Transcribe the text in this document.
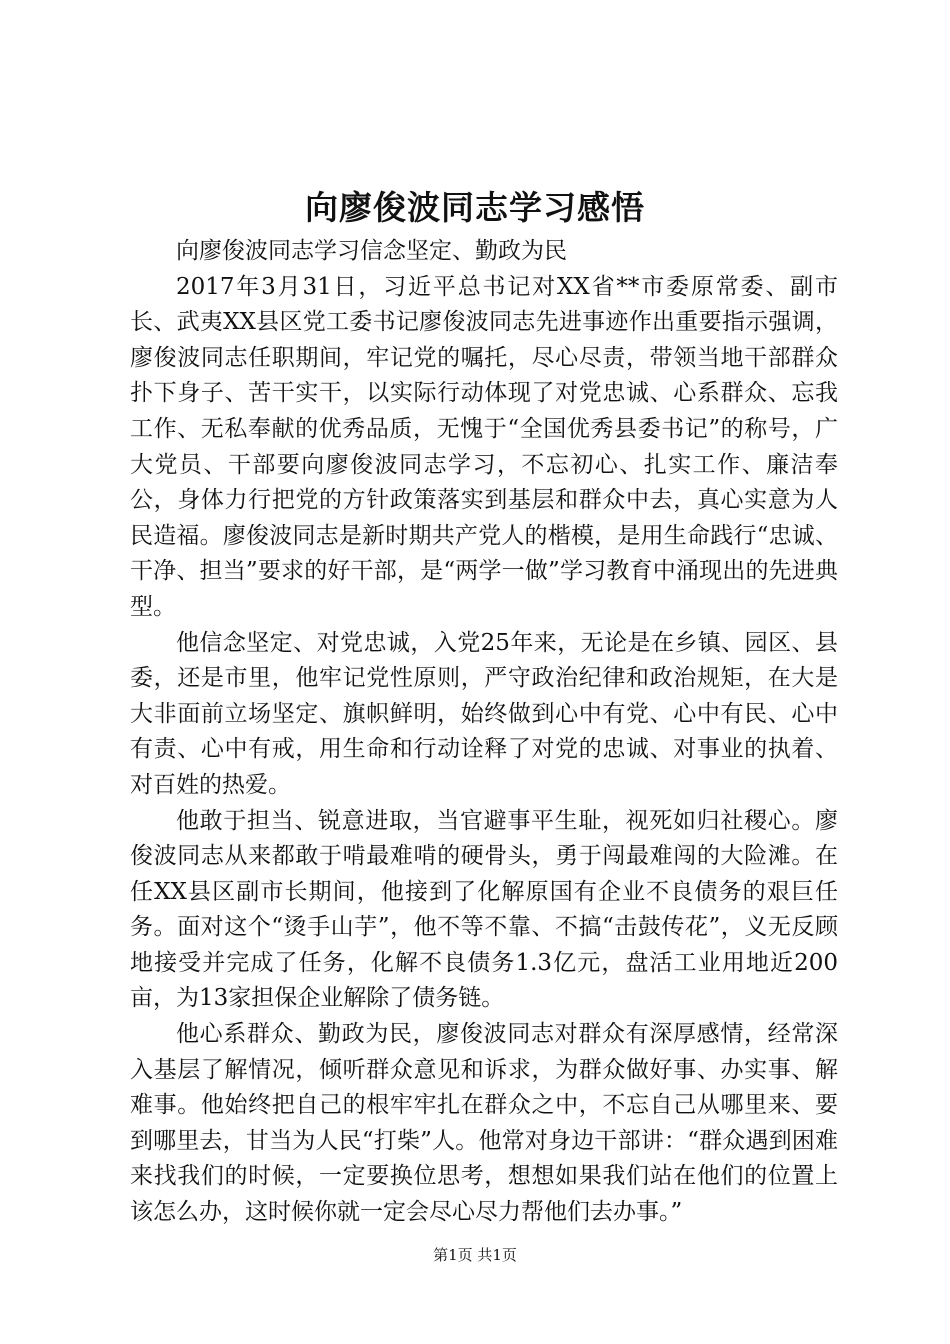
向廖俊波同志学习感悟

向廖俊波同志学习信念坚定、勤政为民

2017年3月31日，习近平总书记对XX省**市委原常委、副市长、武夷XX县区党工委书记廖俊波同志先进事迹作出重要指示强调，廖俊波同志任职期间，牢记党的嘱托，尽心尽责，带领当地干部群众扑下身子、苦干实干，以实际行动体现了对党忠诚、心系群众、忘我工作、无私奉献的优秀品质，无愧于“全国优秀县委书记”的称号，广大党员、干部要向廖俊波同志学习，不忘初心、扎实工作、廉洁奉公，身体力行把党的方针政策落实到基层和群众中去，真心实意为人民造福。廖俊波同志是新时期共产党人的楷模，是用生命践行“忠诚、干净、担当”要求的好干部，是“两学一做”学习教育中涌现出的先进典型。

他信念坚定、对党忠诚，入党25年来，无论是在乡镇、园区、县委，还是市里，他牢记党性原则，严守政治纪律和政治规矩，在大是大非面前立场坚定、旗帜鲜明，始终做到心中有党、心中有民、心中有责、心中有戒，用生命和行动诠释了对党的忠诚、对事业的执着、对百姓的热爱。

他敢于担当、锐意进取，当官避事平生耻，视死如归社稷心。廖俊波同志从来都敢于啃最难啃的硬骨头，勇于闯最难闯的大险滩。在任XX县区副市长期间，他接到了化解原国有企业不良债务的艰巨任务。面对这个“烫手山芋”，他不等不靠、不搞“击鼓传花”，义无反顾地接受并完成了任务，化解不良债务1.3亿元，盘活工业用地近200亩，为13家担保企业解除了债务链。

他心系群众、勤政为民，廖俊波同志对群众有深厚感情，经常深入基层了解情况，倾听群众意见和诉求，为群众做好事、办实事、解难事。他始终把自己的根牢牢扎在群众之中，不忘自己从哪里来、要到哪里去，甘当为人民“打柴”人。他常对身边干部讲：“群众遇到困难来找我们的时候，一定要换位思考，想想如果我们站在他们的位置上该怎么办，这时候你就一定会尽心尽力帮他们去办事。”

第1页 共1页
